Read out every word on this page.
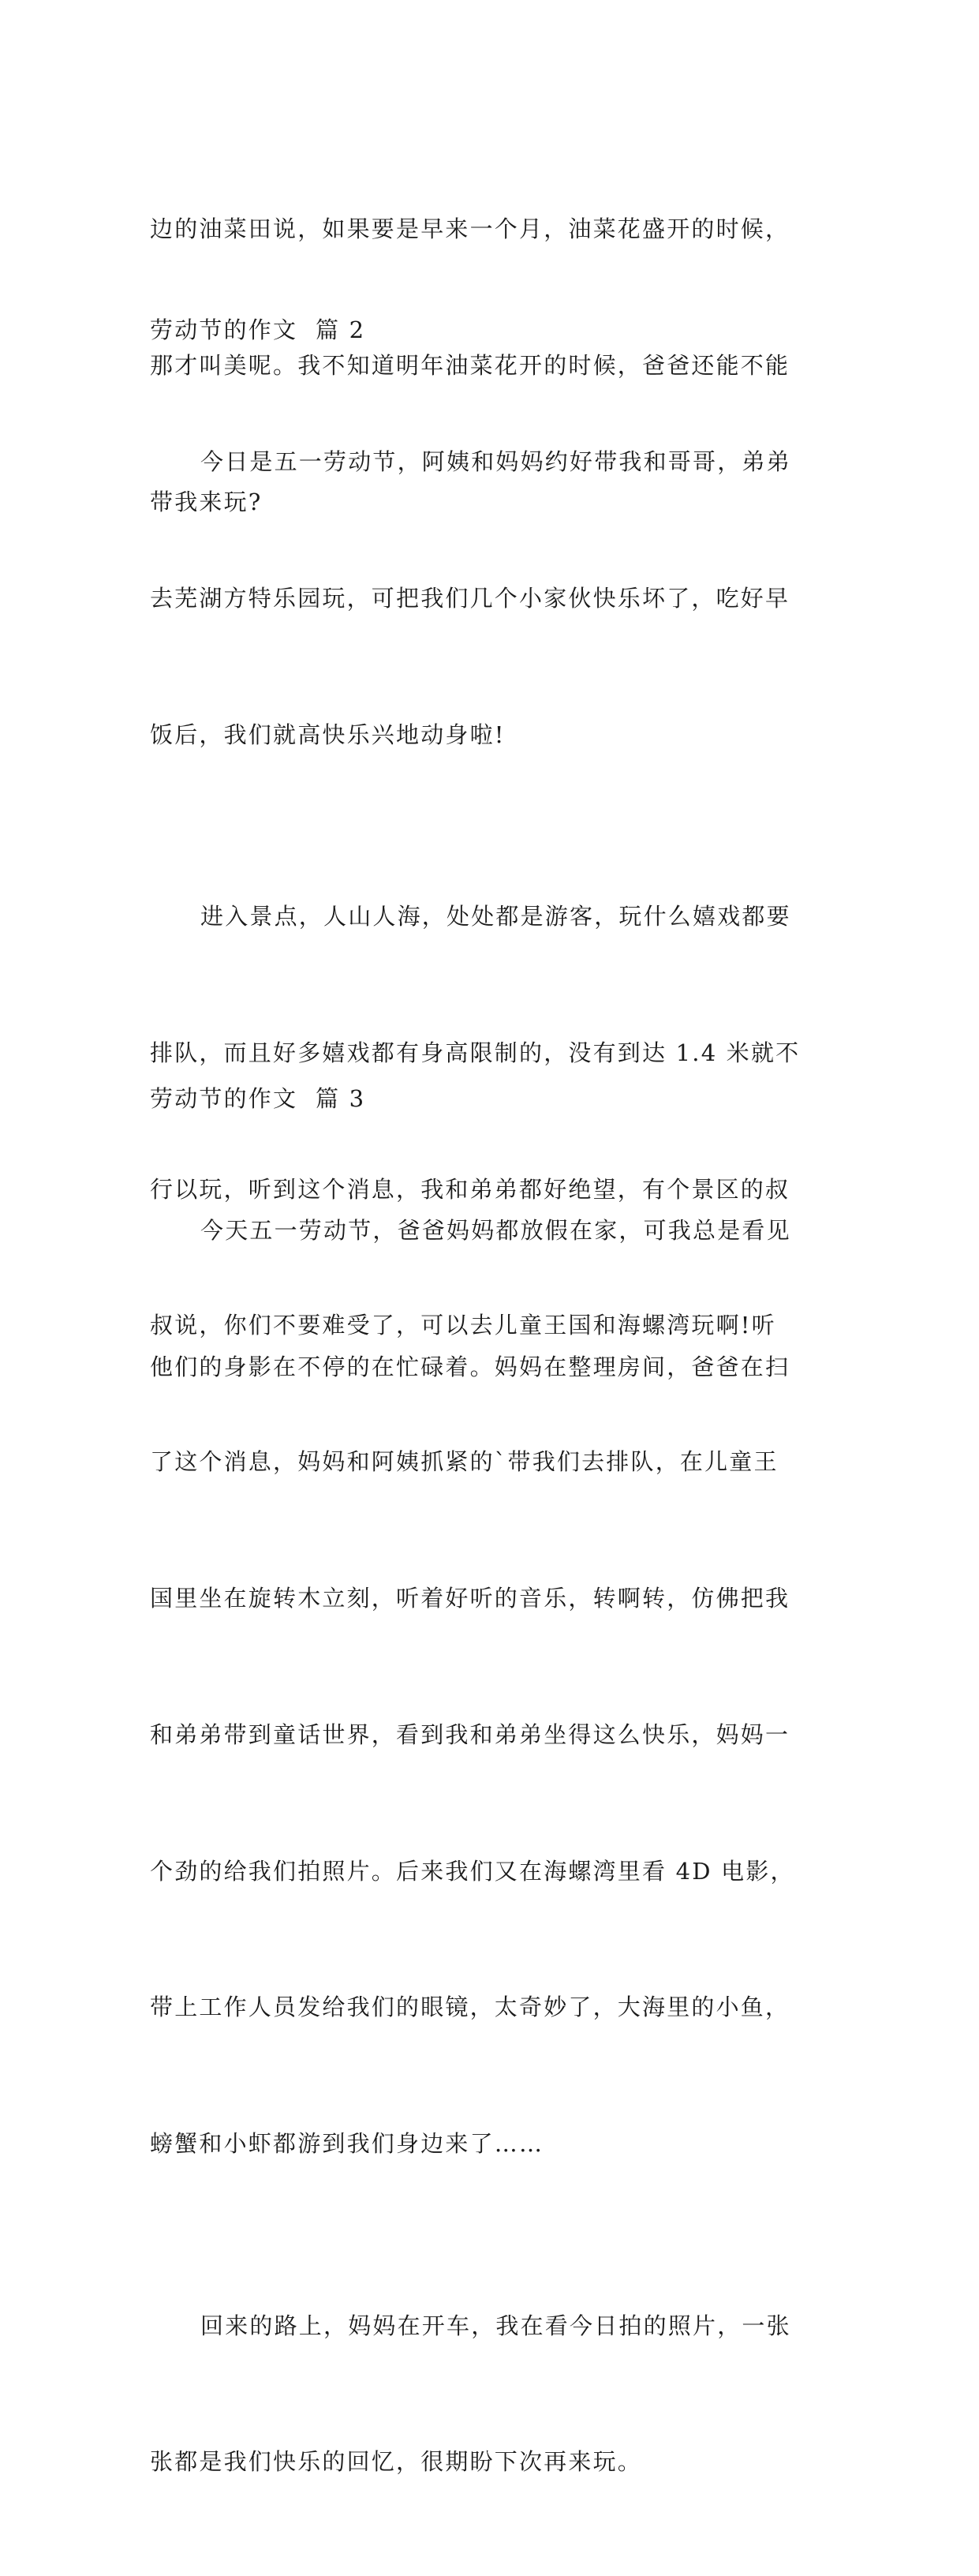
边的油菜田说，如果要是早来一个月，油菜花盛开的时候，

那才叫美呢。我不知道明年油菜花开的时候，爸爸还能不能

带我来玩?

劳动节的作文  篇 2

今日是五一劳动节，阿姨和妈妈约好带我和哥哥，弟弟

去芜湖方特乐园玩，可把我们几个小家伙快乐坏了，吃好早

饭后，我们就高快乐兴地动身啦!

进入景点，人山人海，处处都是游客，玩什么嬉戏都要

排队，而且好多嬉戏都有身高限制的，没有到达 1.4 米就不

行以玩，听到这个消息，我和弟弟都好绝望，有个景区的叔

叔说，你们不要难受了，可以去儿童王国和海螺湾玩啊!听

了这个消息，妈妈和阿姨抓紧的`带我们去排队，在儿童王

国里坐在旋转木立刻，听着好听的音乐，转啊转，仿佛把我

和弟弟带到童话世界，看到我和弟弟坐得这么快乐，妈妈一

个劲的给我们拍照片。后来我们又在海螺湾里看 4D 电影，

带上工作人员发给我们的眼镜，太奇妙了，大海里的小鱼，

螃蟹和小虾都游到我们身边来了……

回来的路上，妈妈在开车，我在看今日拍的照片，一张

张都是我们快乐的回忆，很期盼下次再来玩。

劳动节的作文  篇 3

今天五一劳动节，爸爸妈妈都放假在家，可我总是看见

他们的身影在不停的在忙碌着。妈妈在整理房间，爸爸在扫
